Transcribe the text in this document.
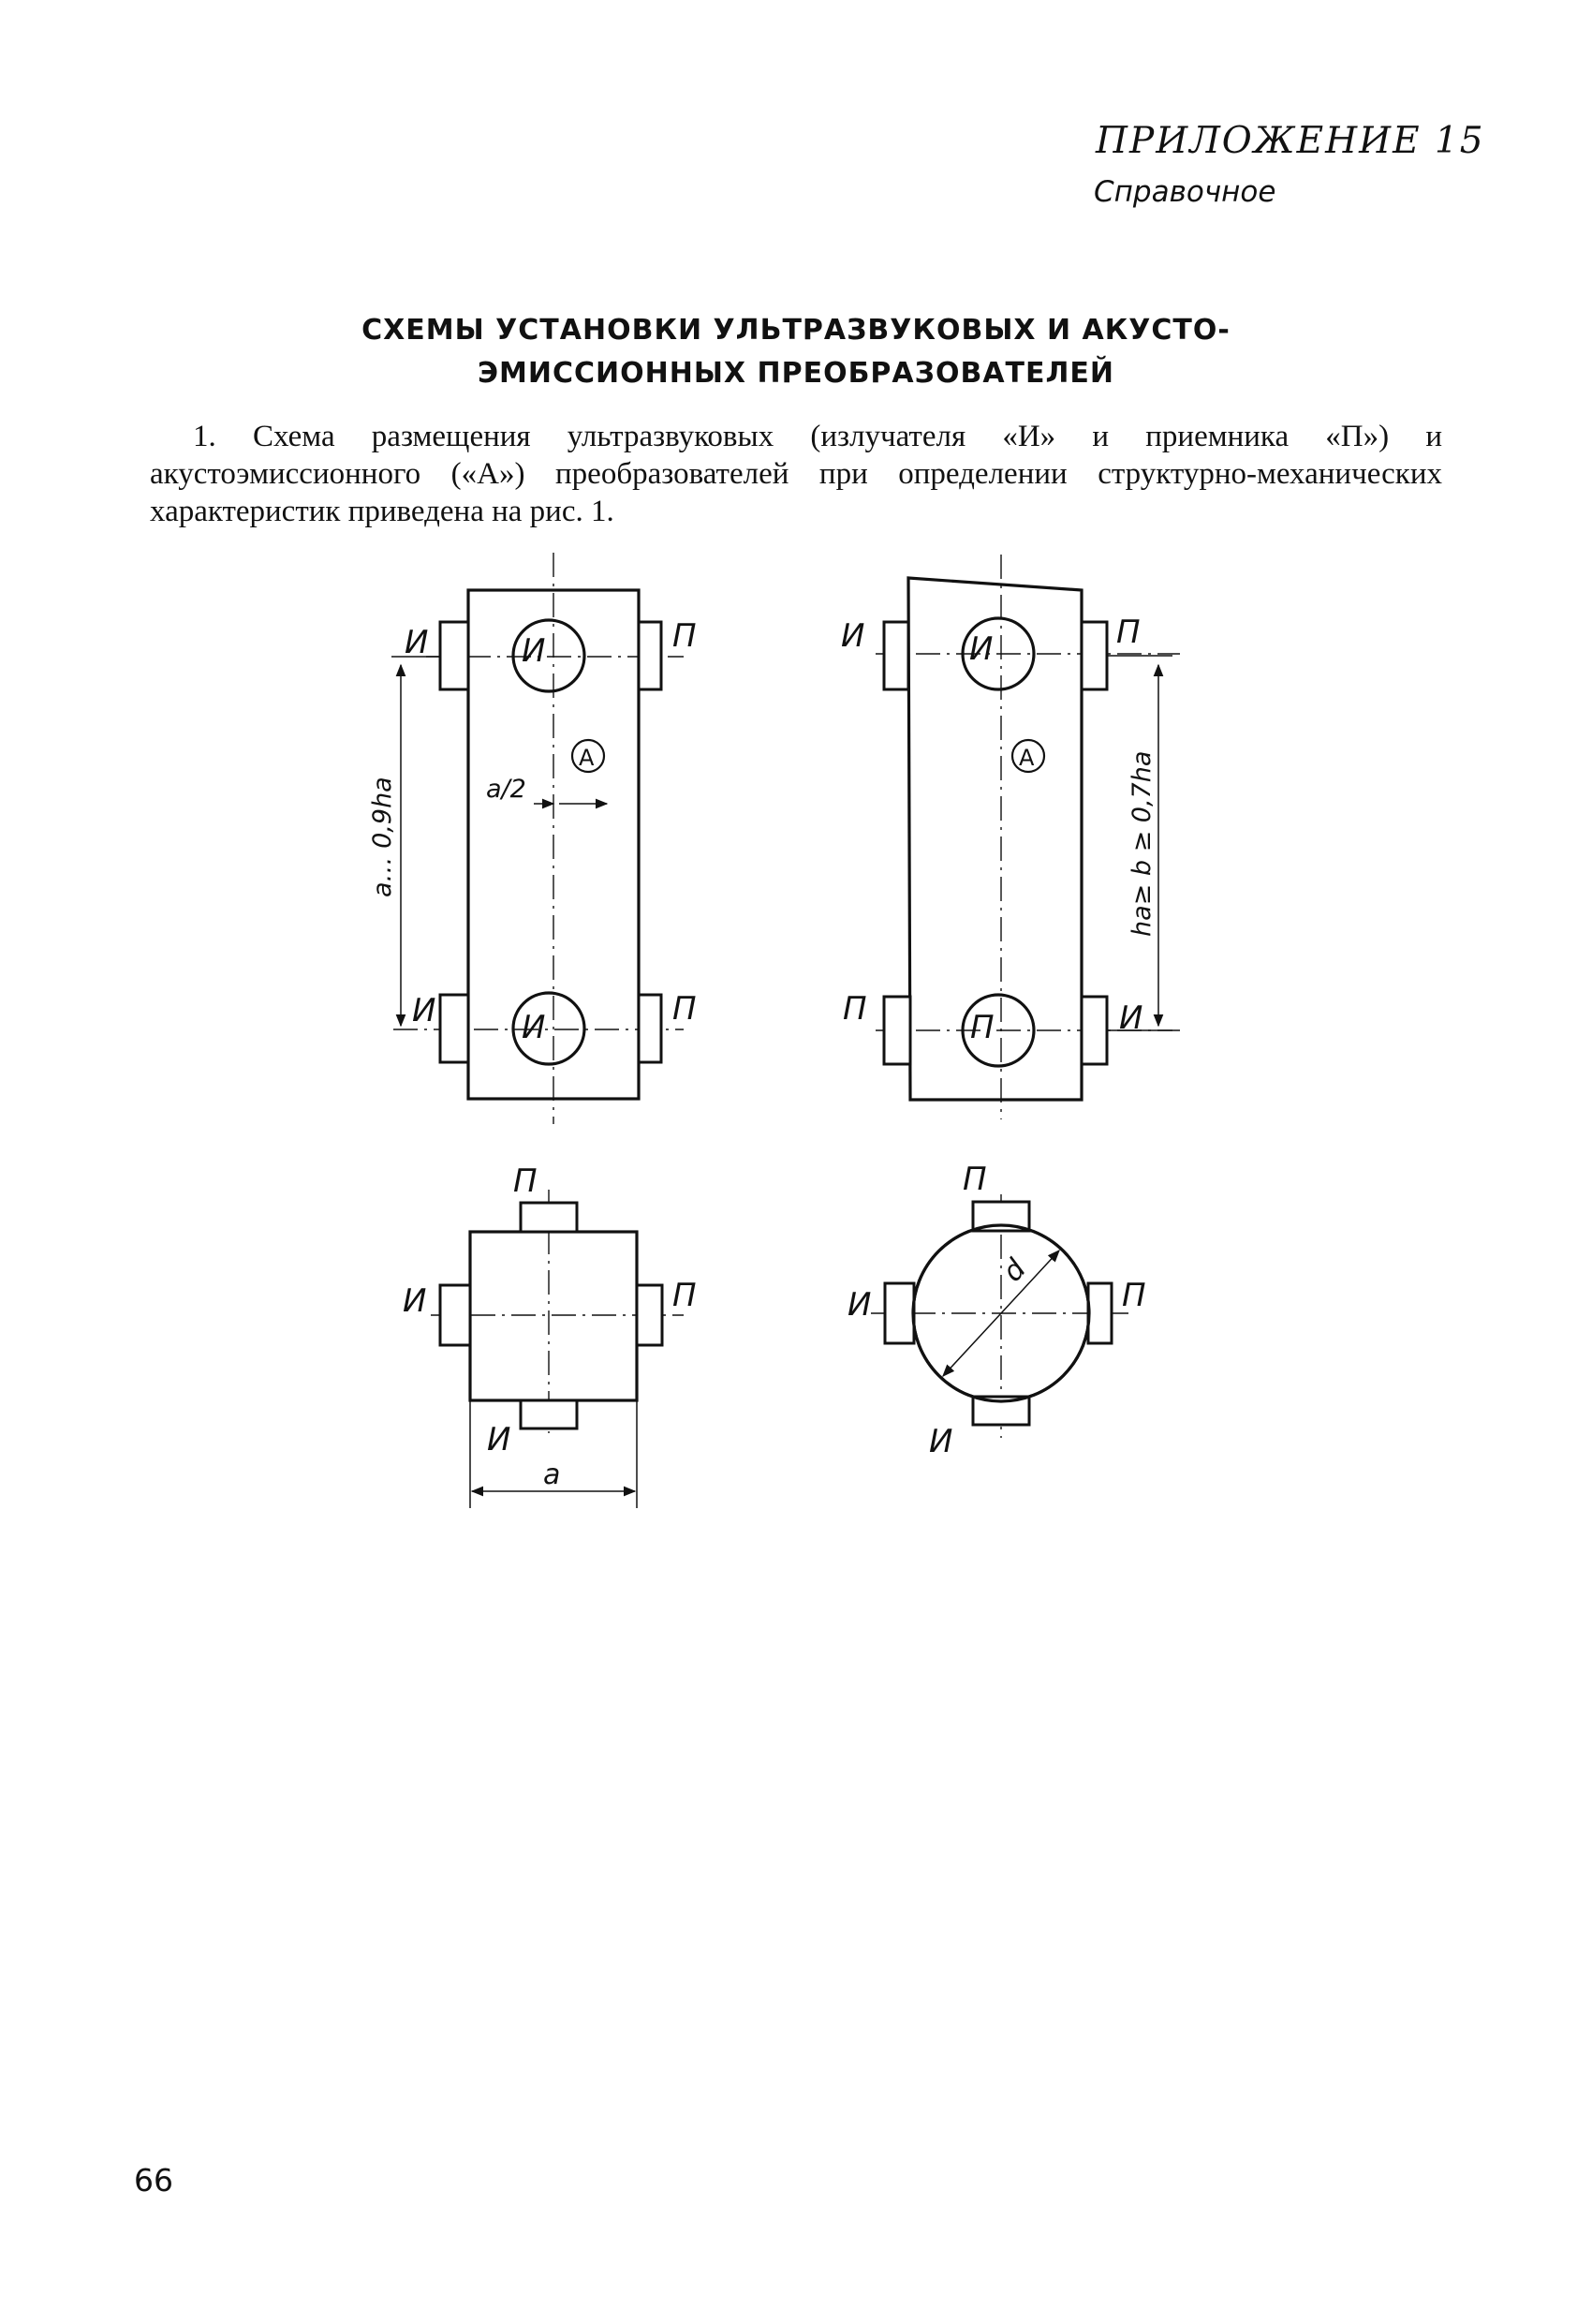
ПРИЛОЖЕНИЕ 15
Справочное
СХЕМЫ УСТАНОВКИ УЛЬТРАЗВУКОВЫХ И АКУСТО-
ЭМИССИОННЫХ ПРЕОБРАЗОВАТЕЛЕЙ

1. Схема размещения ультразвуковых (излучателя «И» и приемника «П») и акустоэмиссионного («А») преобразователей при определении структурно-механических характеристик приведена на рис. 1.

И	П
И
И	П
И
А
a… 0,9hа	a/2
И	П
И
П	И
П
А	hа≥ b ≥ 0,7hа
П
И	П
И
a
П
И	П
И
d
66
